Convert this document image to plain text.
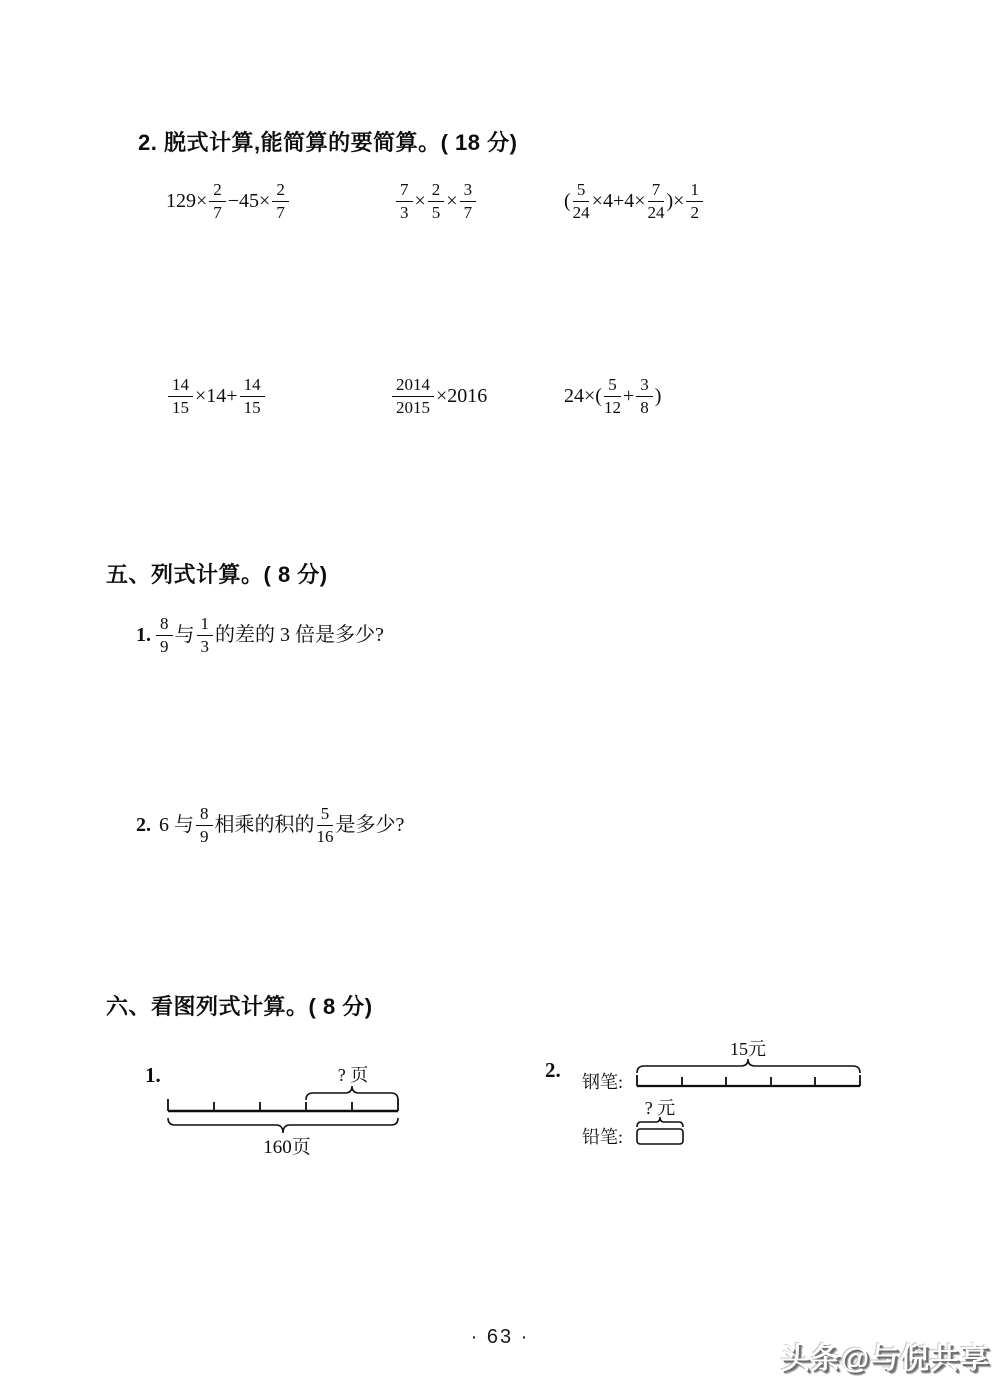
2. 脱式计算,能简算的要简算。( 18 分)
$129\times \frac{2}{7} -45\times \frac{2}{7}$	$\frac{7}{3} \times \frac{2}{5} \times \frac{3}{7}$	( $\frac{5}{24} \times 4+4\times \frac{7}{24}$ )× $\frac{1}{2}$
$\frac{14}{15} \times 14+ \frac{14}{15}$	$\frac{2014}{2015} \times 2016$	$24\times( \frac{5}{12} + \frac{3}{8}$ )
五、列式计算。( 8 分)
1. $\frac{8}{9}$ 与 $\frac{1}{3}$ 的差的 3 倍是多少?
2. 6 与 $\frac{8}{9}$ 相乘的积的 $\frac{5}{16}$ 是多少?
六、看图列式计算。( 8 分)
1.	? 页
160页
2.
15元
钢笔:
? 元
铅笔:
· 63 ·
头条@与倪共享
